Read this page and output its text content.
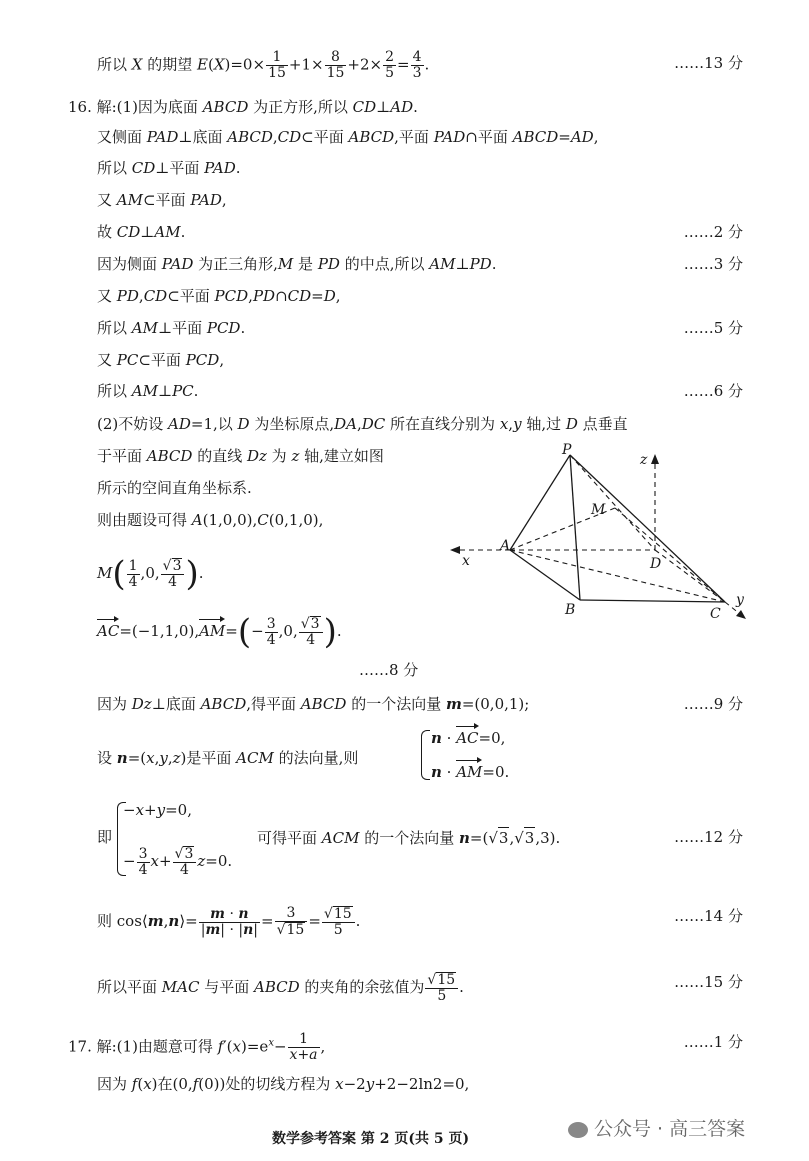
所以 X 的期望 $E(X)=0\times \frac{1}{15} +1\times \frac{8}{15} +2\times \frac{2}{5} = \frac{4}{3}$ .	……13 分
16. 解:(1)因为底面 ABCD 为正方形,所以 CD⊥AD.
又侧面 PAD⊥底面 ABCD,CD⊂平面 ABCD,平面 PAD∩平面 ABCD=AD,
所以 CD⊥平面 PAD.
又 AM⊂平面 PAD,
故 CD⊥AM.	……2 分
因为侧面 PAD 为正三角形,M 是 PD 的中点,所以 AM⊥PD.	……3 分
又 PD,CD⊂平面 PCD,PD∩CD=D,
所以 AM⊥平面 PCD.	……5 分
又 PC⊂平面 PCD,
所以 AM⊥PC.	……6 分
(2)不妨设 AD=1,以 D 为坐标原点,DA,DC 所在直线分别为 x,y 轴,过 D 点垂直
于平面 ABCD 的直线 Dz 为 z 轴,建立如图
所示的空间直角坐标系.
则由题设可得 A(1,0,0),C(0,1,0),
$M( \frac{1}{4} ,0$, $\frac{√3}{4}$ ).
$AC=(-1,1,0),AM=(- \frac{3}{4} ,0$, $\frac{√3}{4}$ ).
……8 分
P
M
A
x	D
B	C
y
z
因为 Dz⊥底面 ABCD,得平面 ABCD 的一个法向量 m=(0,0,1);	……9 分
设 n=(x,y,z)是平面 ACM 的法向量,则
n · AC=0,
n · AM=0.
即
−x+y=0,
− $\frac{3}{4} x+ \frac{√3}{4} z=0$.
可得平面 ACM 的一个法向量 n=(√3,√3,3).	……12 分
则 cos⟨m,n⟩= $\frac{m \cdot n}{|m| \cdot |n|} = \frac{3}{√15} = \frac{√15}{5}$ .	……14 分
所以平面 MAC 与平面 ABCD 的夹角的余弦值为 $\frac{√15}{5}$ .	……15 分
17. 解:(1)由题意可得 $f'(x)=e^x- \frac{1}{x+a}$ ,	……1 分
因为 f(x)在(0,f(0))处的切线方程为 x−2y+2−2ln2=0,
数学参考答案 第 2 页(共 5 页)	公众号 · 高三答案
